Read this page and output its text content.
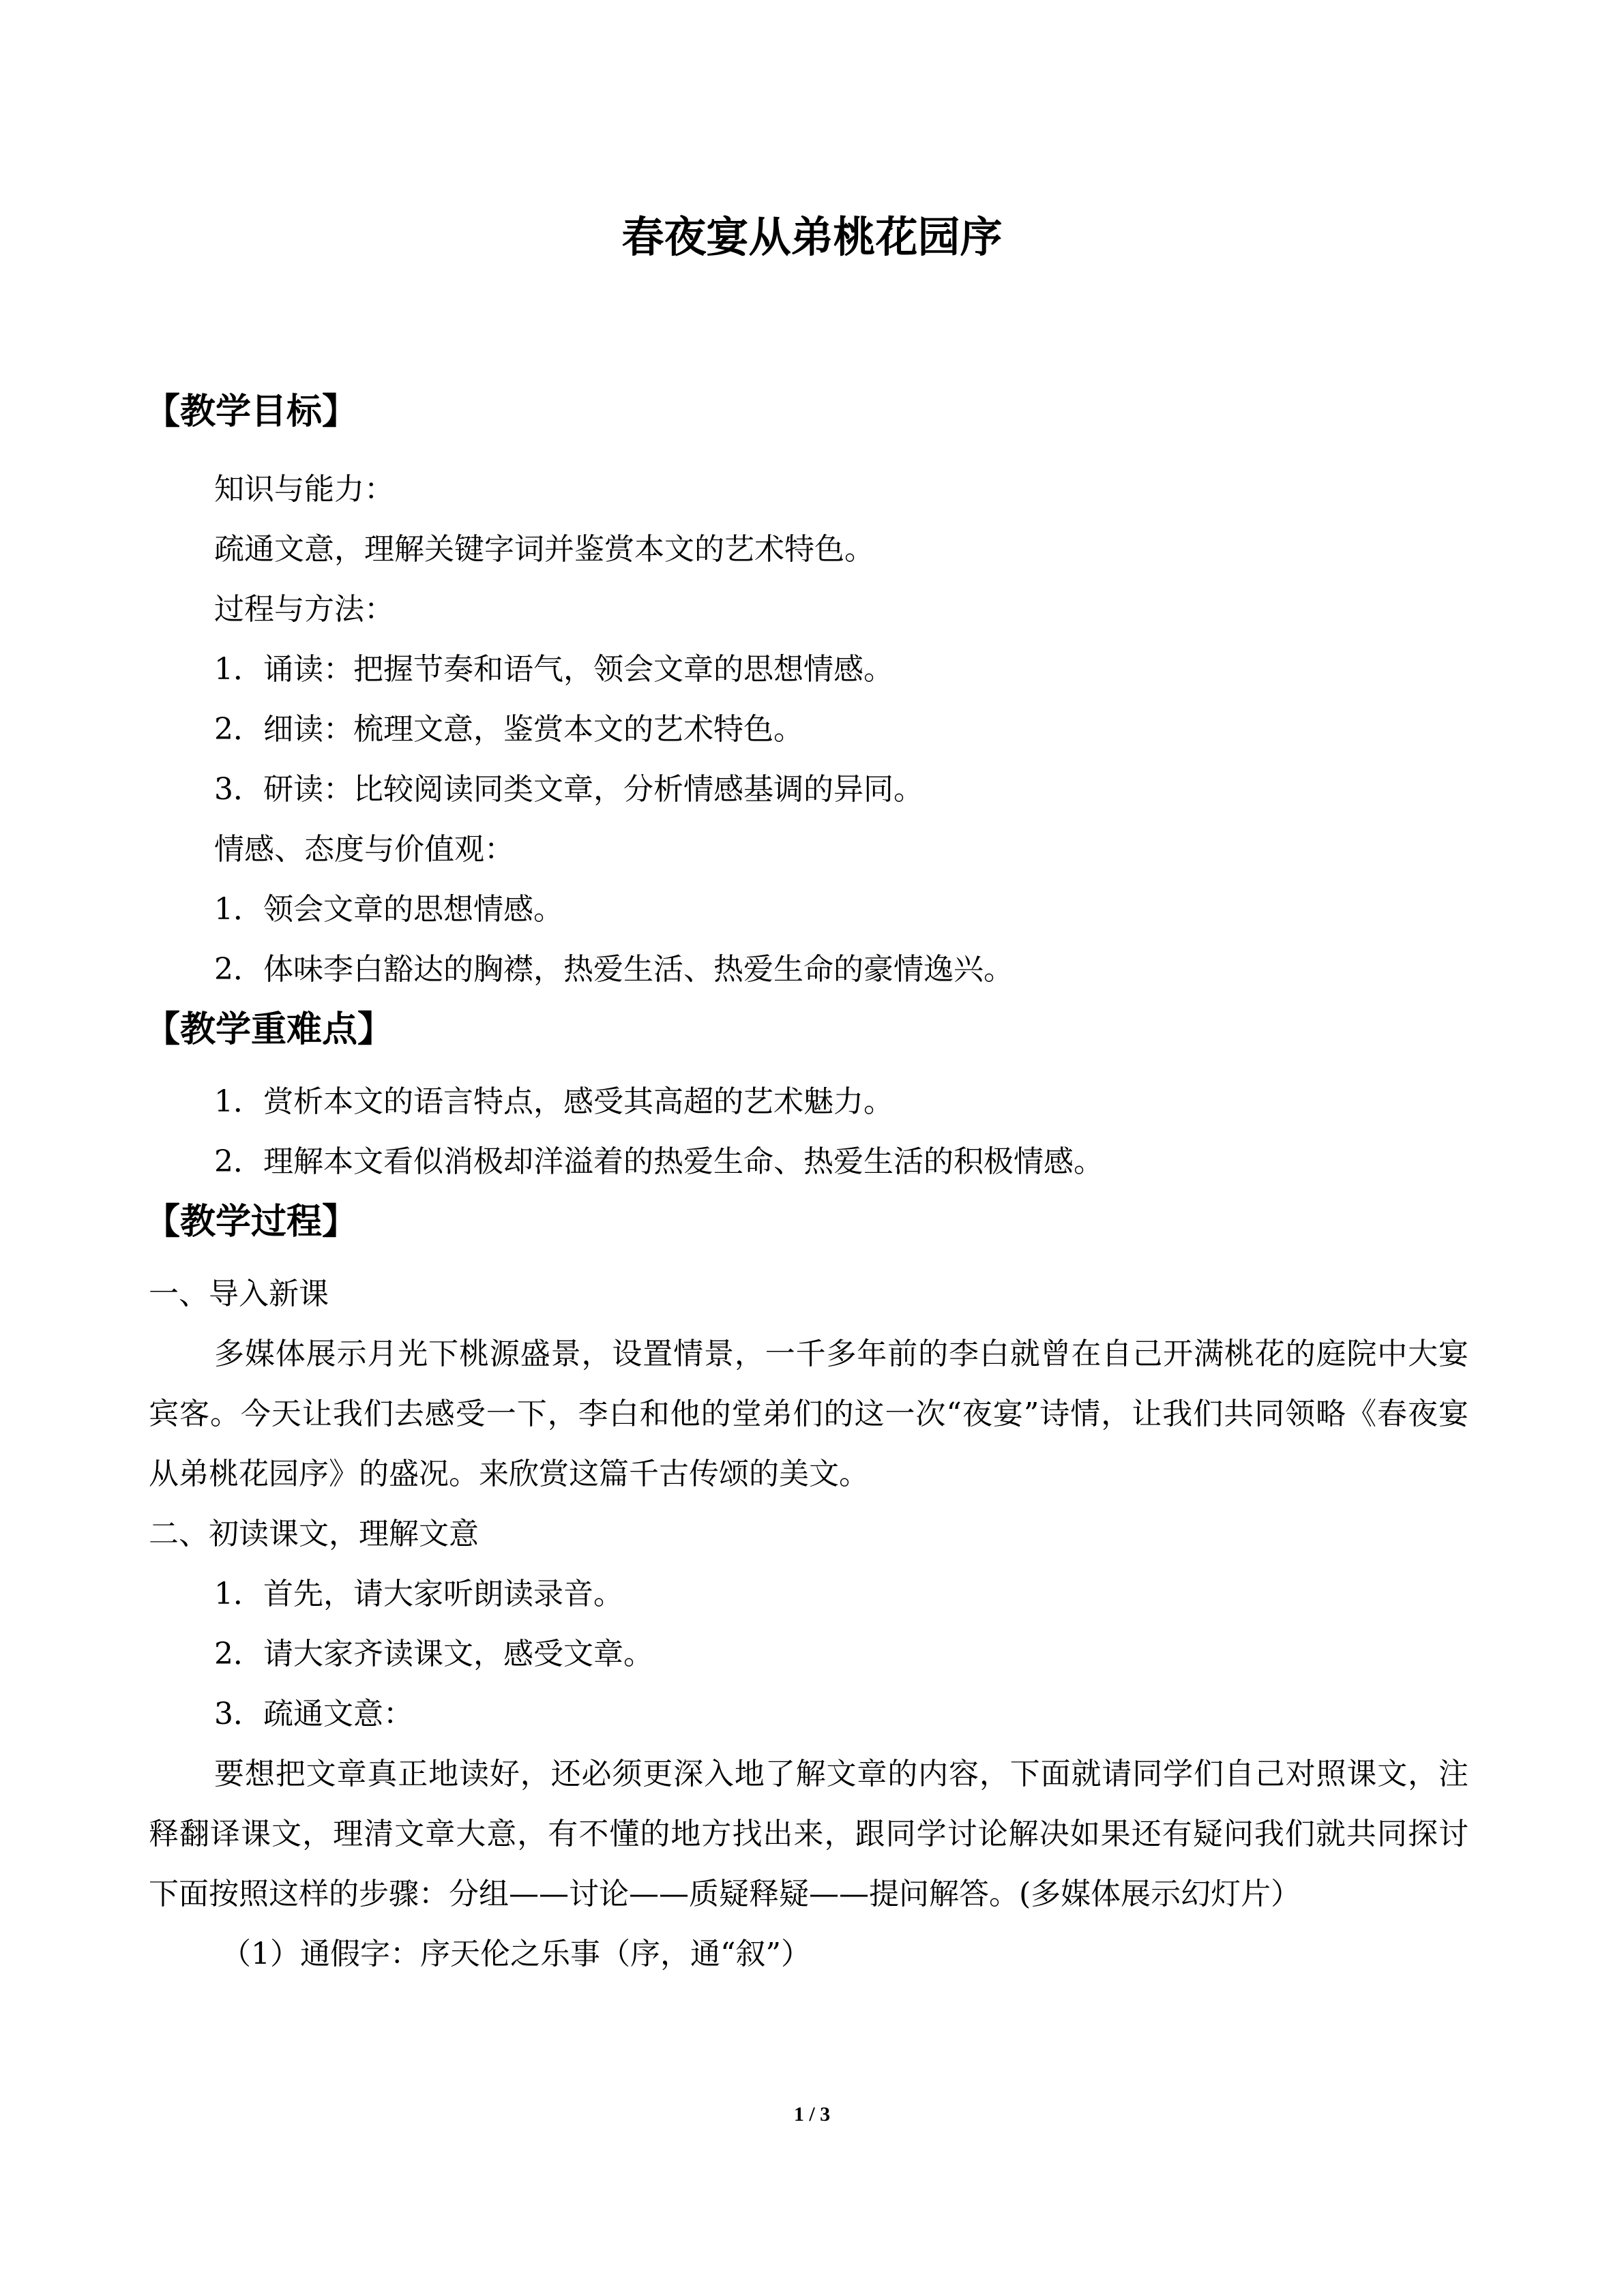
春夜宴从弟桃花园序
【教学目标】

知识与能力：

疏通文意，理解关键字词并鉴赏本文的艺术特色。

过程与方法：

1．诵读：把握节奏和语气，领会文章的思想情感。

2．细读：梳理文意，鉴赏本文的艺术特色。

3．研读：比较阅读同类文章，分析情感基调的异同。

情感、态度与价值观：

1．领会文章的思想情感。

2．体味李白豁达的胸襟，热爱生活、热爱生命的豪情逸兴。

【教学重难点】

1．赏析本文的语言特点，感受其高超的艺术魅力。

2．理解本文看似消极却洋溢着的热爱生命、热爱生活的积极情感。

【教学过程】

一、导入新课

多媒体展示月光下桃源盛景，设置情景，一千多年前的李白就曾在自己开满桃花的庭院中大宴宾客。今天让我们去感受一下，李白和他的堂弟们的这一次“夜宴”诗情，让我们共同领略《春夜宴从弟桃花园序》的盛况。来欣赏这篇千古传颂的美文。

二、初读课文，理解文意

1．首先，请大家听朗读录音。

2．请大家齐读课文，感受文章。

3．疏通文意：

要想把文章真正地读好，还必须更深入地了解文章的内容，下面就请同学们自己对照课文，注释翻译课文，理清文章大意，有不懂的地方找出来，跟同学讨论解决如果还有疑问我们就共同探讨下面按照这样的步骤：分组——讨论——质疑释疑——提问解答。(多媒体展示幻灯片）

（1）通假字：序天伦之乐事（序，通“叙”）

1 / 3
